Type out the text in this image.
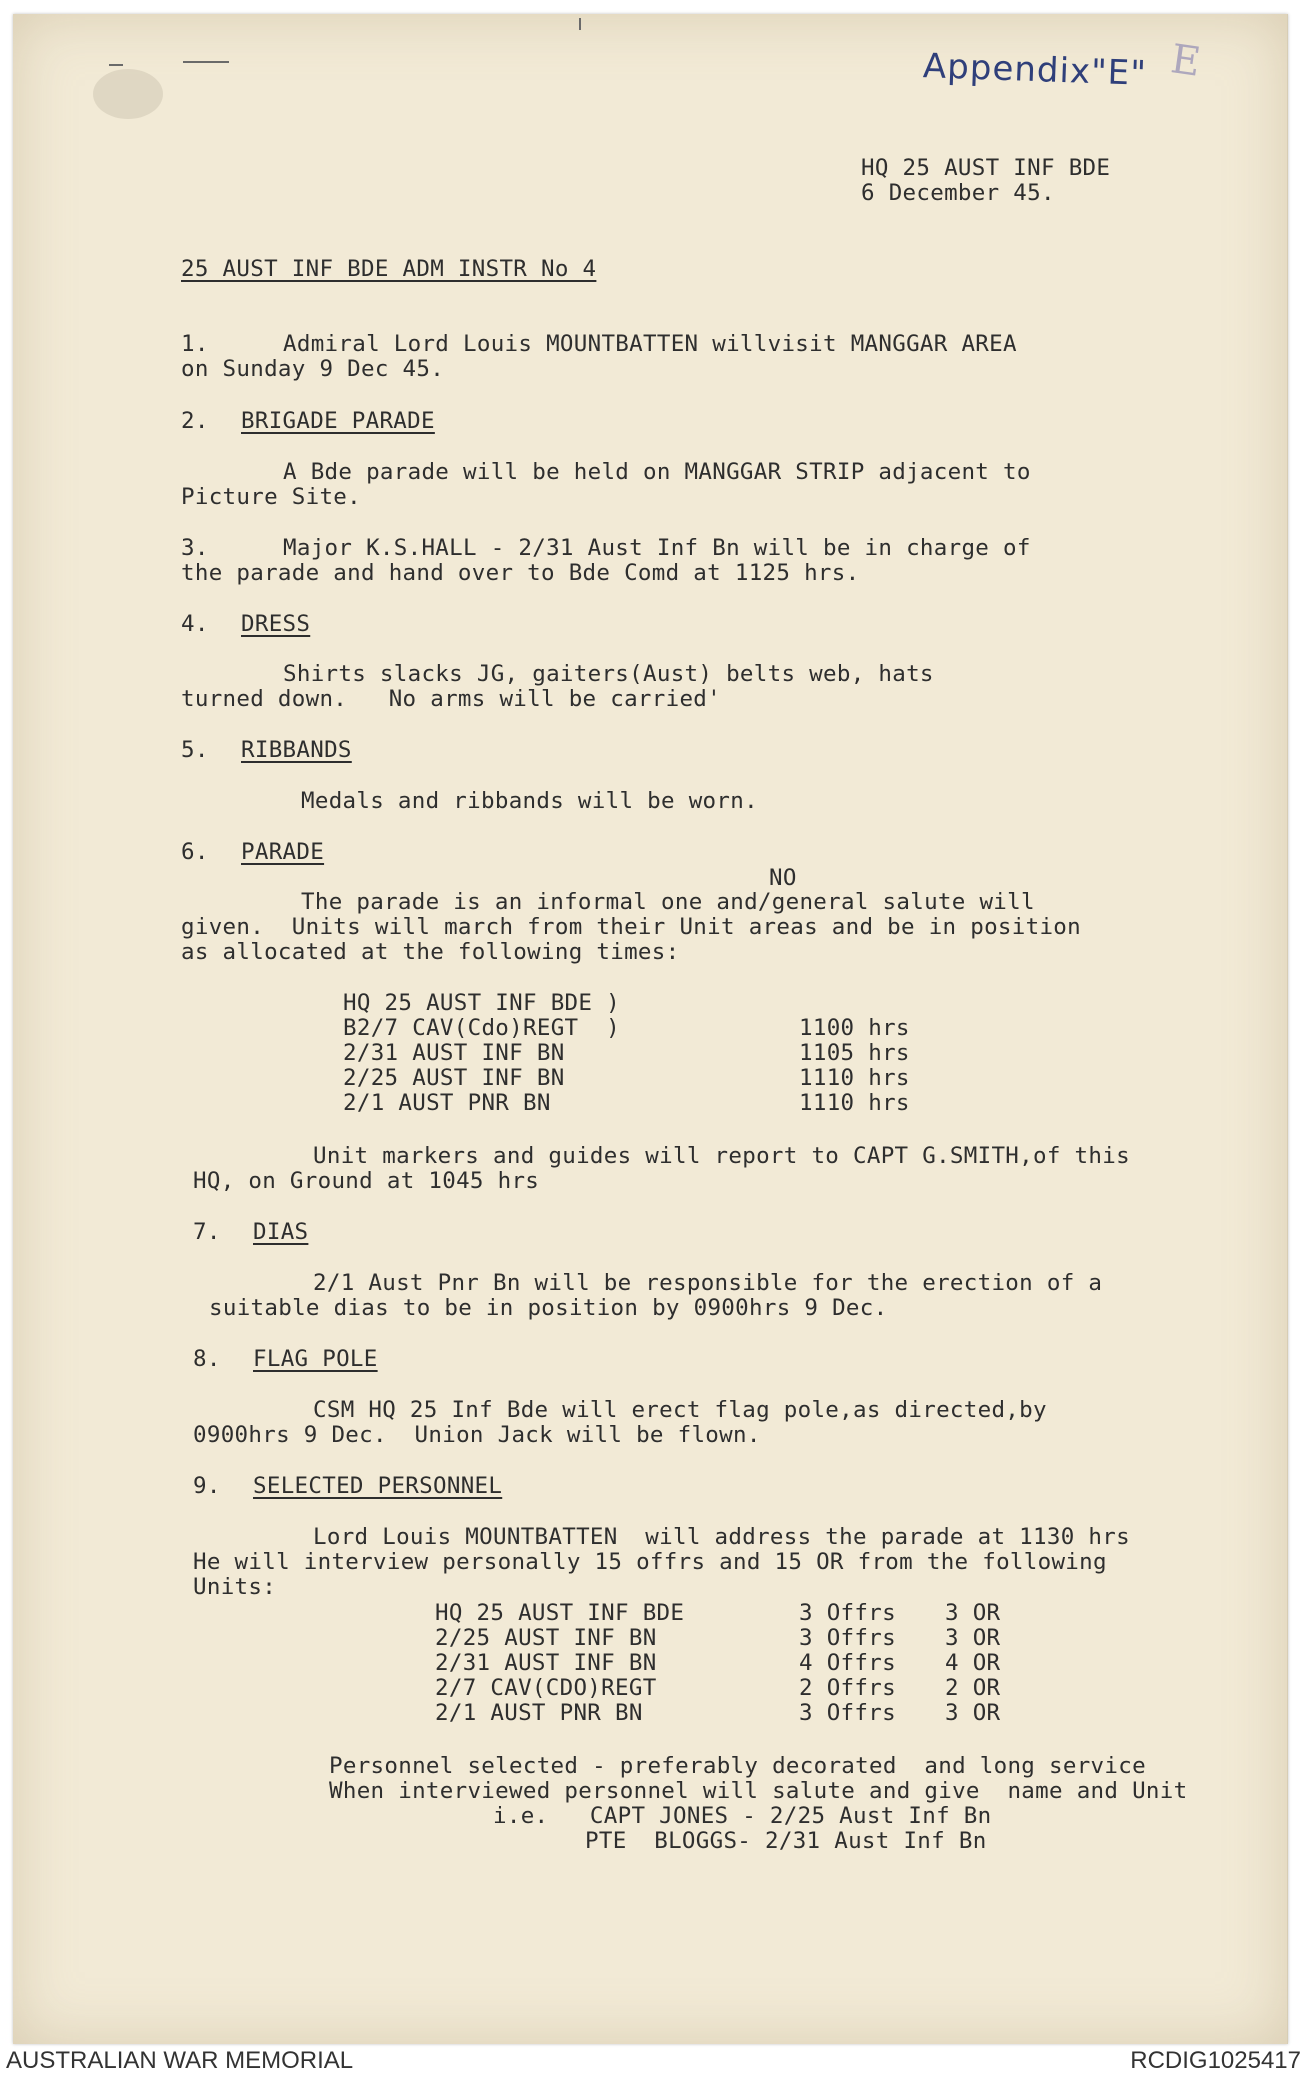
Appendix"E" E
HQ 25 AUST INF BDE
6 December 45.
25 AUST INF BDE ADM INSTR No 4
1.	Admiral Lord Louis MOUNTBATTEN willvisit MANGGAR AREA
on Sunday 9 Dec 45.
2. BRIGADE PARADE
A Bde parade will be held on MANGGAR STRIP adjacent to
Picture Site.
3.	Major K.S.HALL - 2/31 Aust Inf Bn will be in charge of
the parade and hand over to Bde Comd at 1125 hrs.
4. DRESS
Shirts slacks JG, gaiters(Aust) belts web, hats
turned down.   No arms will be carried'
5. RIBBANDS
Medals and ribbands will be worn.
6. PARADE
NO
The parade is an informal one and/general salute will
given.  Units will march from their Unit areas and be in position
as allocated at the following times:
HQ 25 AUST INF BDE )
B2/7 CAV(Cdo)REGT  )	1100 hrs
2/31 AUST INF BN	1105 hrs
2/25 AUST INF BN	1110 hrs
2/1 AUST PNR BN	1110 hrs
Unit markers and guides will report to CAPT G.SMITH,of this
HQ, on Ground at 1045 hrs
7. DIAS
2/1 Aust Pnr Bn will be responsible for the erection of a
suitable dias to be in position by 0900hrs 9 Dec.
8. FLAG POLE
CSM HQ 25 Inf Bde will erect flag pole,as directed,by
0900hrs 9 Dec.  Union Jack will be flown.
9. SELECTED PERSONNEL
Lord Louis MOUNTBATTEN  will address the parade at 1130 hrs
He will interview personally 15 offrs and 15 OR from the following
Units:
HQ 25 AUST INF BDE	3 Offrs 3 OR
2/25 AUST INF BN	3 Offrs 3 OR
2/31 AUST INF BN	4 Offrs 4 OR
2/7 CAV(CDO)REGT	2 Offrs 2 OR
2/1 AUST PNR BN	3 Offrs 3 OR
Personnel selected - preferably decorated  and long service
When interviewed personnel will salute and give  name and Unit
i.e.   CAPT JONES - 2/25 Aust Inf Bn
PTE  BLOGGS- 2/31 Aust Inf Bn
AUSTRALIAN WAR MEMORIAL	RCDIG1025417
